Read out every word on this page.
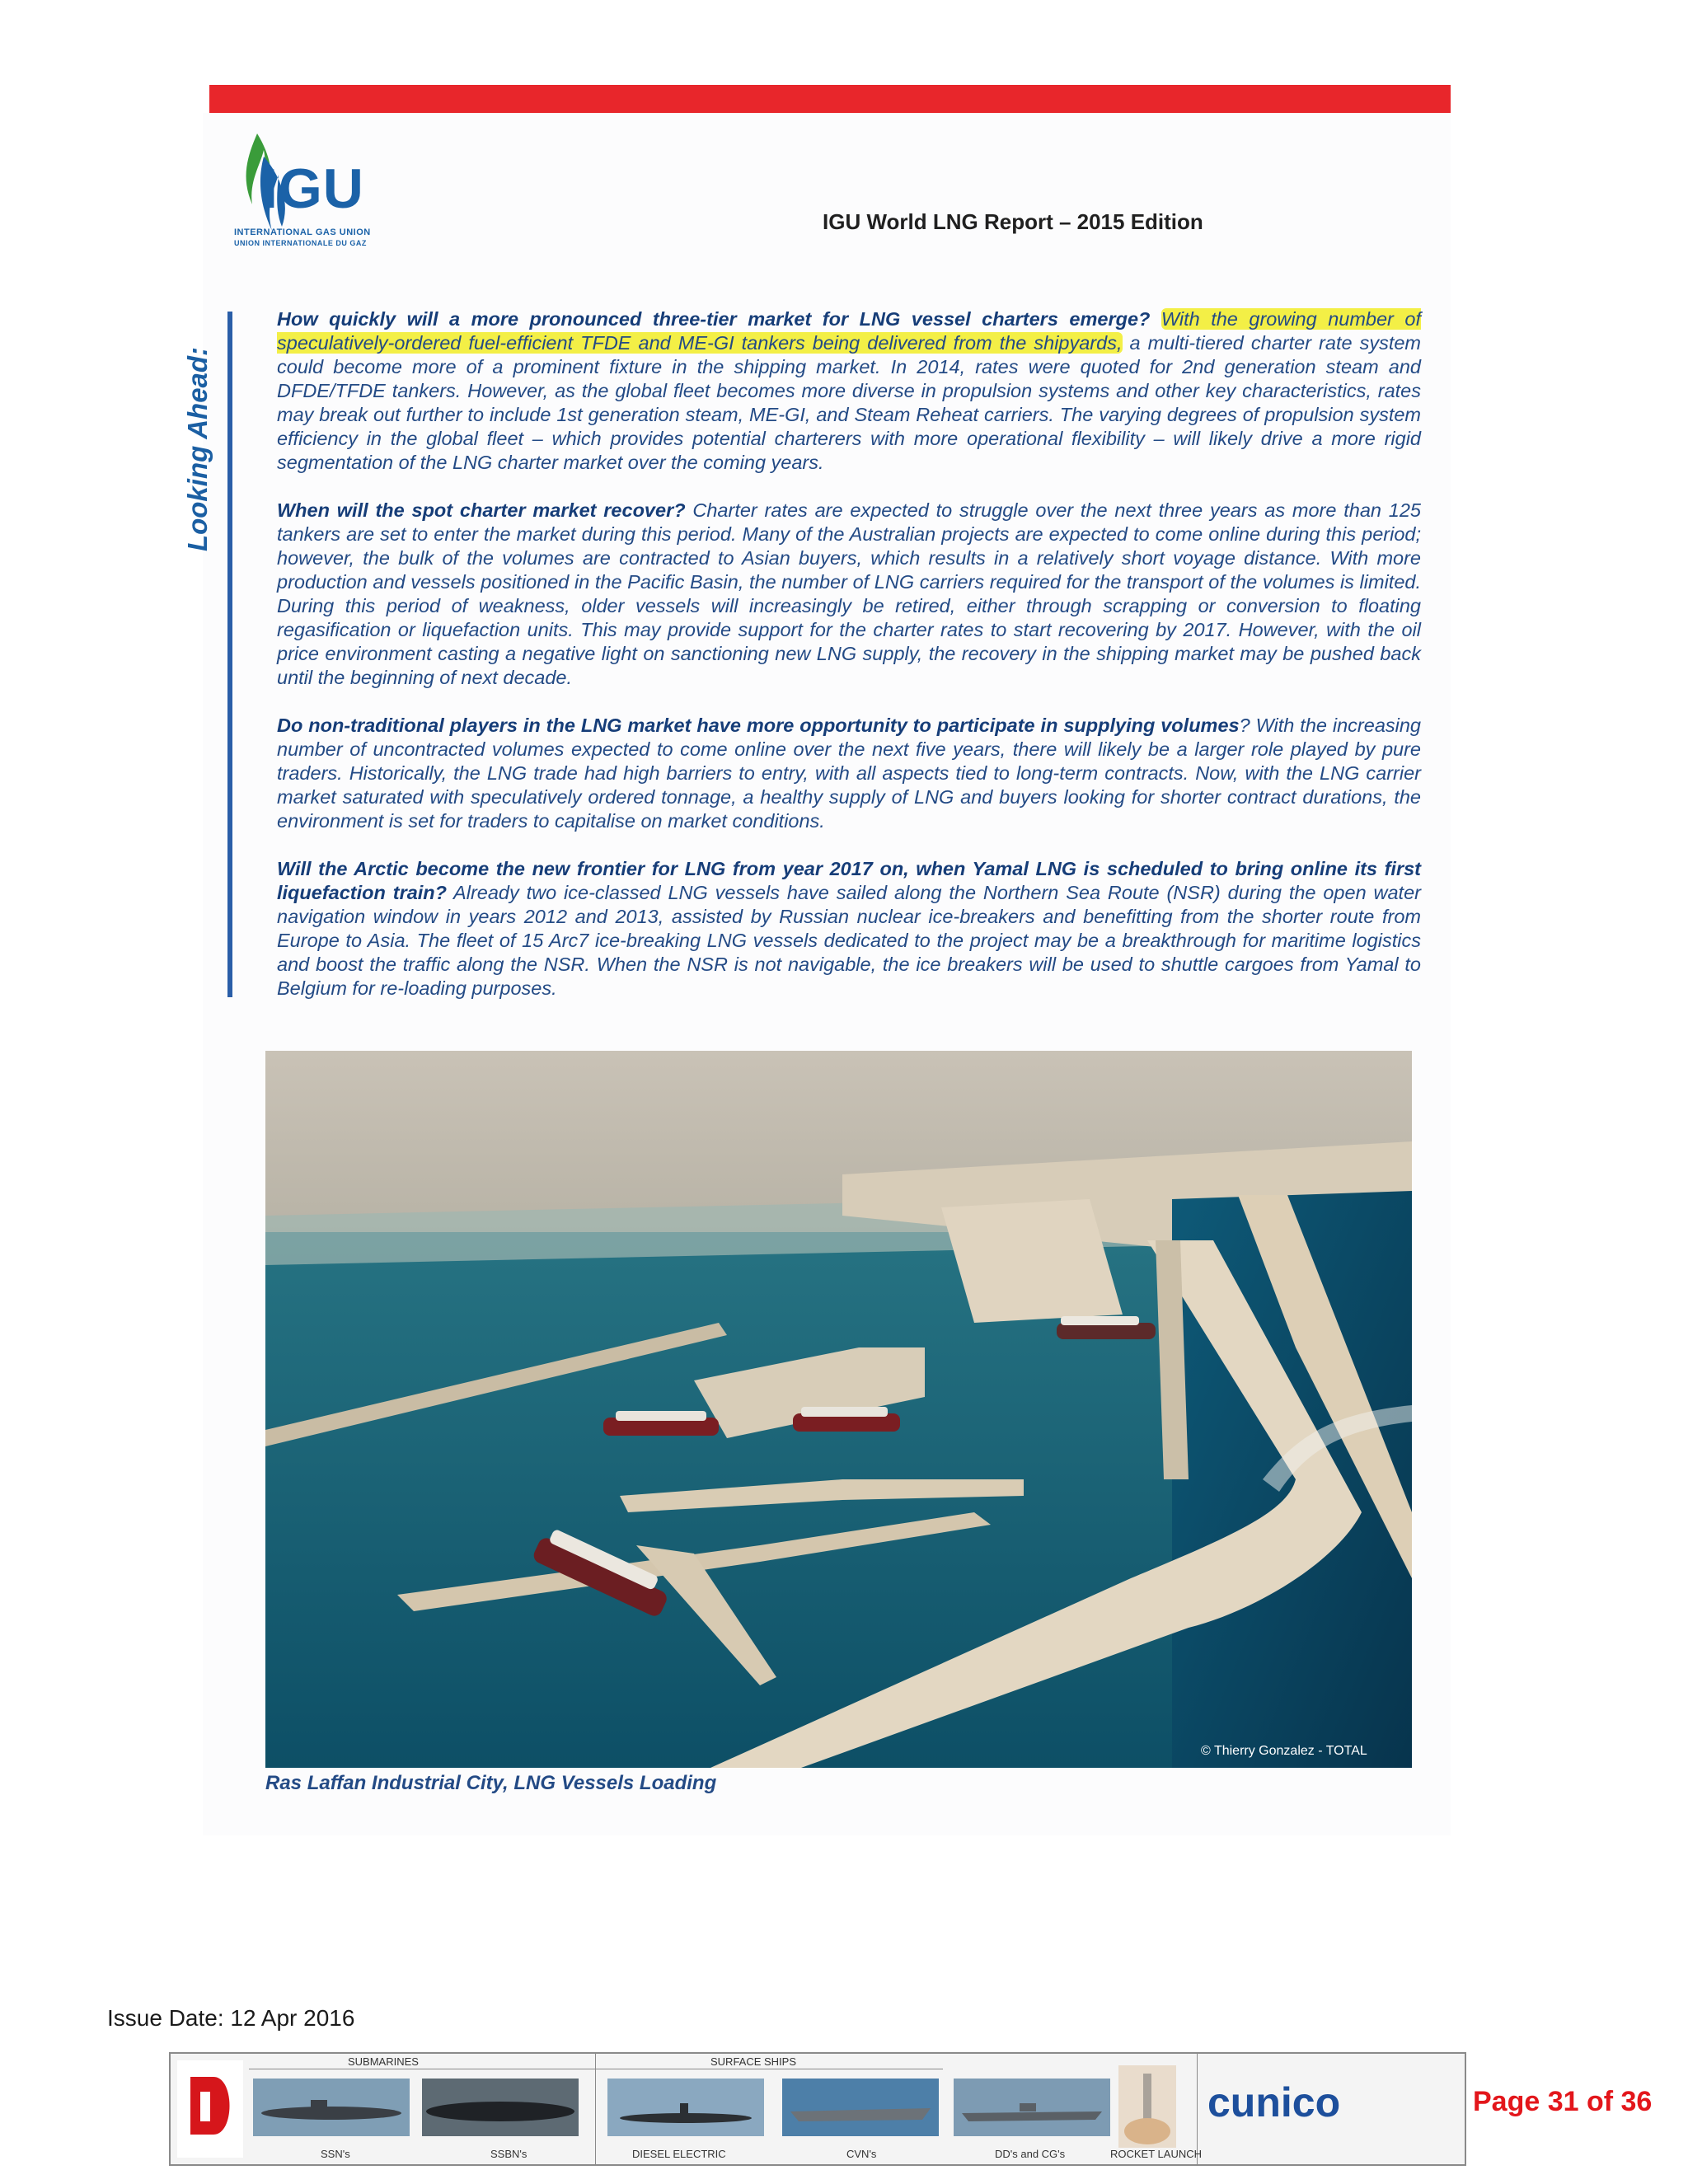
IGU
INTERNATIONAL GAS UNION
UNION INTERNATIONALE DU GAZ
IGU World LNG Report – 2015 Edition
Looking Ahead:

How quickly will a more pronounced three-tier market for LNG vessel charters emerge? With the growing number of speculatively-ordered fuel-efficient TFDE and ME-GI tankers being delivered from the shipyards, a multi-tiered charter rate system could become more of a prominent fixture in the shipping market. In 2014, rates were quoted for 2nd generation steam and DFDE/TFDE tankers. However, as the global fleet becomes more diverse in propulsion systems and other key characteristics, rates may break out further to include 1st generation steam, ME-GI, and Steam Reheat carriers. The varying degrees of propulsion system efficiency in the global fleet – which provides potential charterers with more operational flexibility – will likely drive a more rigid segmentation of the LNG charter market over the coming years.

When will the spot charter market recover? Charter rates are expected to struggle over the next three years as more than 125 tankers are set to enter the market during this period. Many of the Australian projects are expected to come online during this period; however, the bulk of the volumes are contracted to Asian buyers, which results in a relatively short voyage distance. With more production and vessels positioned in the Pacific Basin, the number of LNG carriers required for the transport of the volumes is limited. During this period of weakness, older vessels will increasingly be retired, either through scrapping or conversion to floating regasification or liquefaction units. This may provide support for the charter rates to start recovering by 2017. However, with the oil price environment casting a negative light on sanctioning new LNG supply, the recovery in the shipping market may be pushed back until the beginning of next decade.

Do non-traditional players in the LNG market have more opportunity to participate in supplying volumes? With the increasing number of uncontracted volumes expected to come online over the next five years, there will likely be a larger role played by pure traders. Historically, the LNG trade had high barriers to entry, with all aspects tied to long-term contracts. Now, with the LNG carrier market saturated with speculatively ordered tonnage, a healthy supply of LNG and buyers looking for shorter contract durations, the environment is set for traders to capitalise on market conditions.

Will the Arctic become the new frontier for LNG from year 2017 on, when Yamal LNG is scheduled to bring online its first liquefaction train? Already two ice-classed LNG vessels have sailed along the Northern Sea Route (NSR) during the open water navigation window in years 2012 and 2013, assisted by Russian nuclear ice-breakers and benefitting from the shorter route from Europe to Asia. The fleet of 15 Arc7 ice-breaking LNG vessels dedicated to the project may be a breakthrough for maritime logistics and boost the traffic along the NSR. When the NSR is not navigable, the ice breakers will be used to shuttle cargoes from Yamal to Belgium for re-loading purposes.

© Thierry Gonzalez - TOTAL
Ras Laffan Industrial City, LNG Vessels Loading
Issue Date: 12 Apr 2016
SUBMARINES	SURFACE SHIPS
SSN's	SSBN's	DIESEL ELECTRIC	CVN's	DD's and CG's	ROCKET LAUNCH
cunico	Page 31 of 36
